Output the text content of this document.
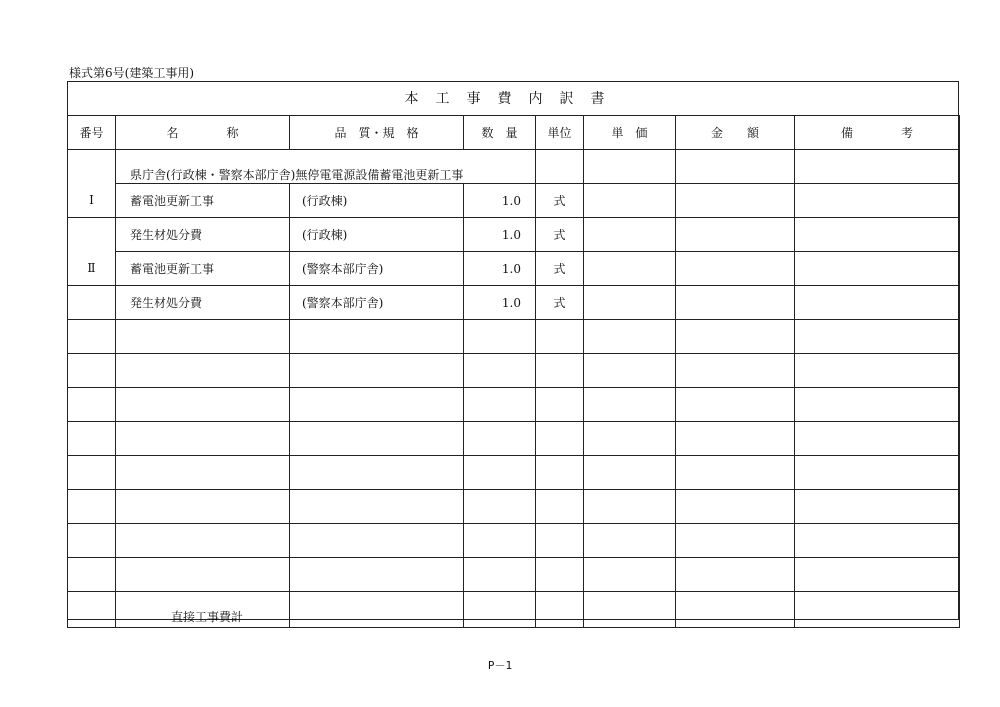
様式第6号(建築工事用)
本工事費内訳書
番号	名　　　　称	品　質・規　格	数　量	単位	単　価	金　　額	備　　　　考
	県庁舎(行政棟・警察本部庁舎)無停電電源設備蓄電池更新工事						
Ⅰ	蓄電池更新工事	(行政棟)	1.0	式			
	発生材処分費	(行政棟)	1.0	式			
Ⅱ	蓄電池更新工事	(警察本部庁舎)	1.0	式			
	発生材処分費	(警察本部庁舎)	1.0	式			

	直接工事費計						
P－1
